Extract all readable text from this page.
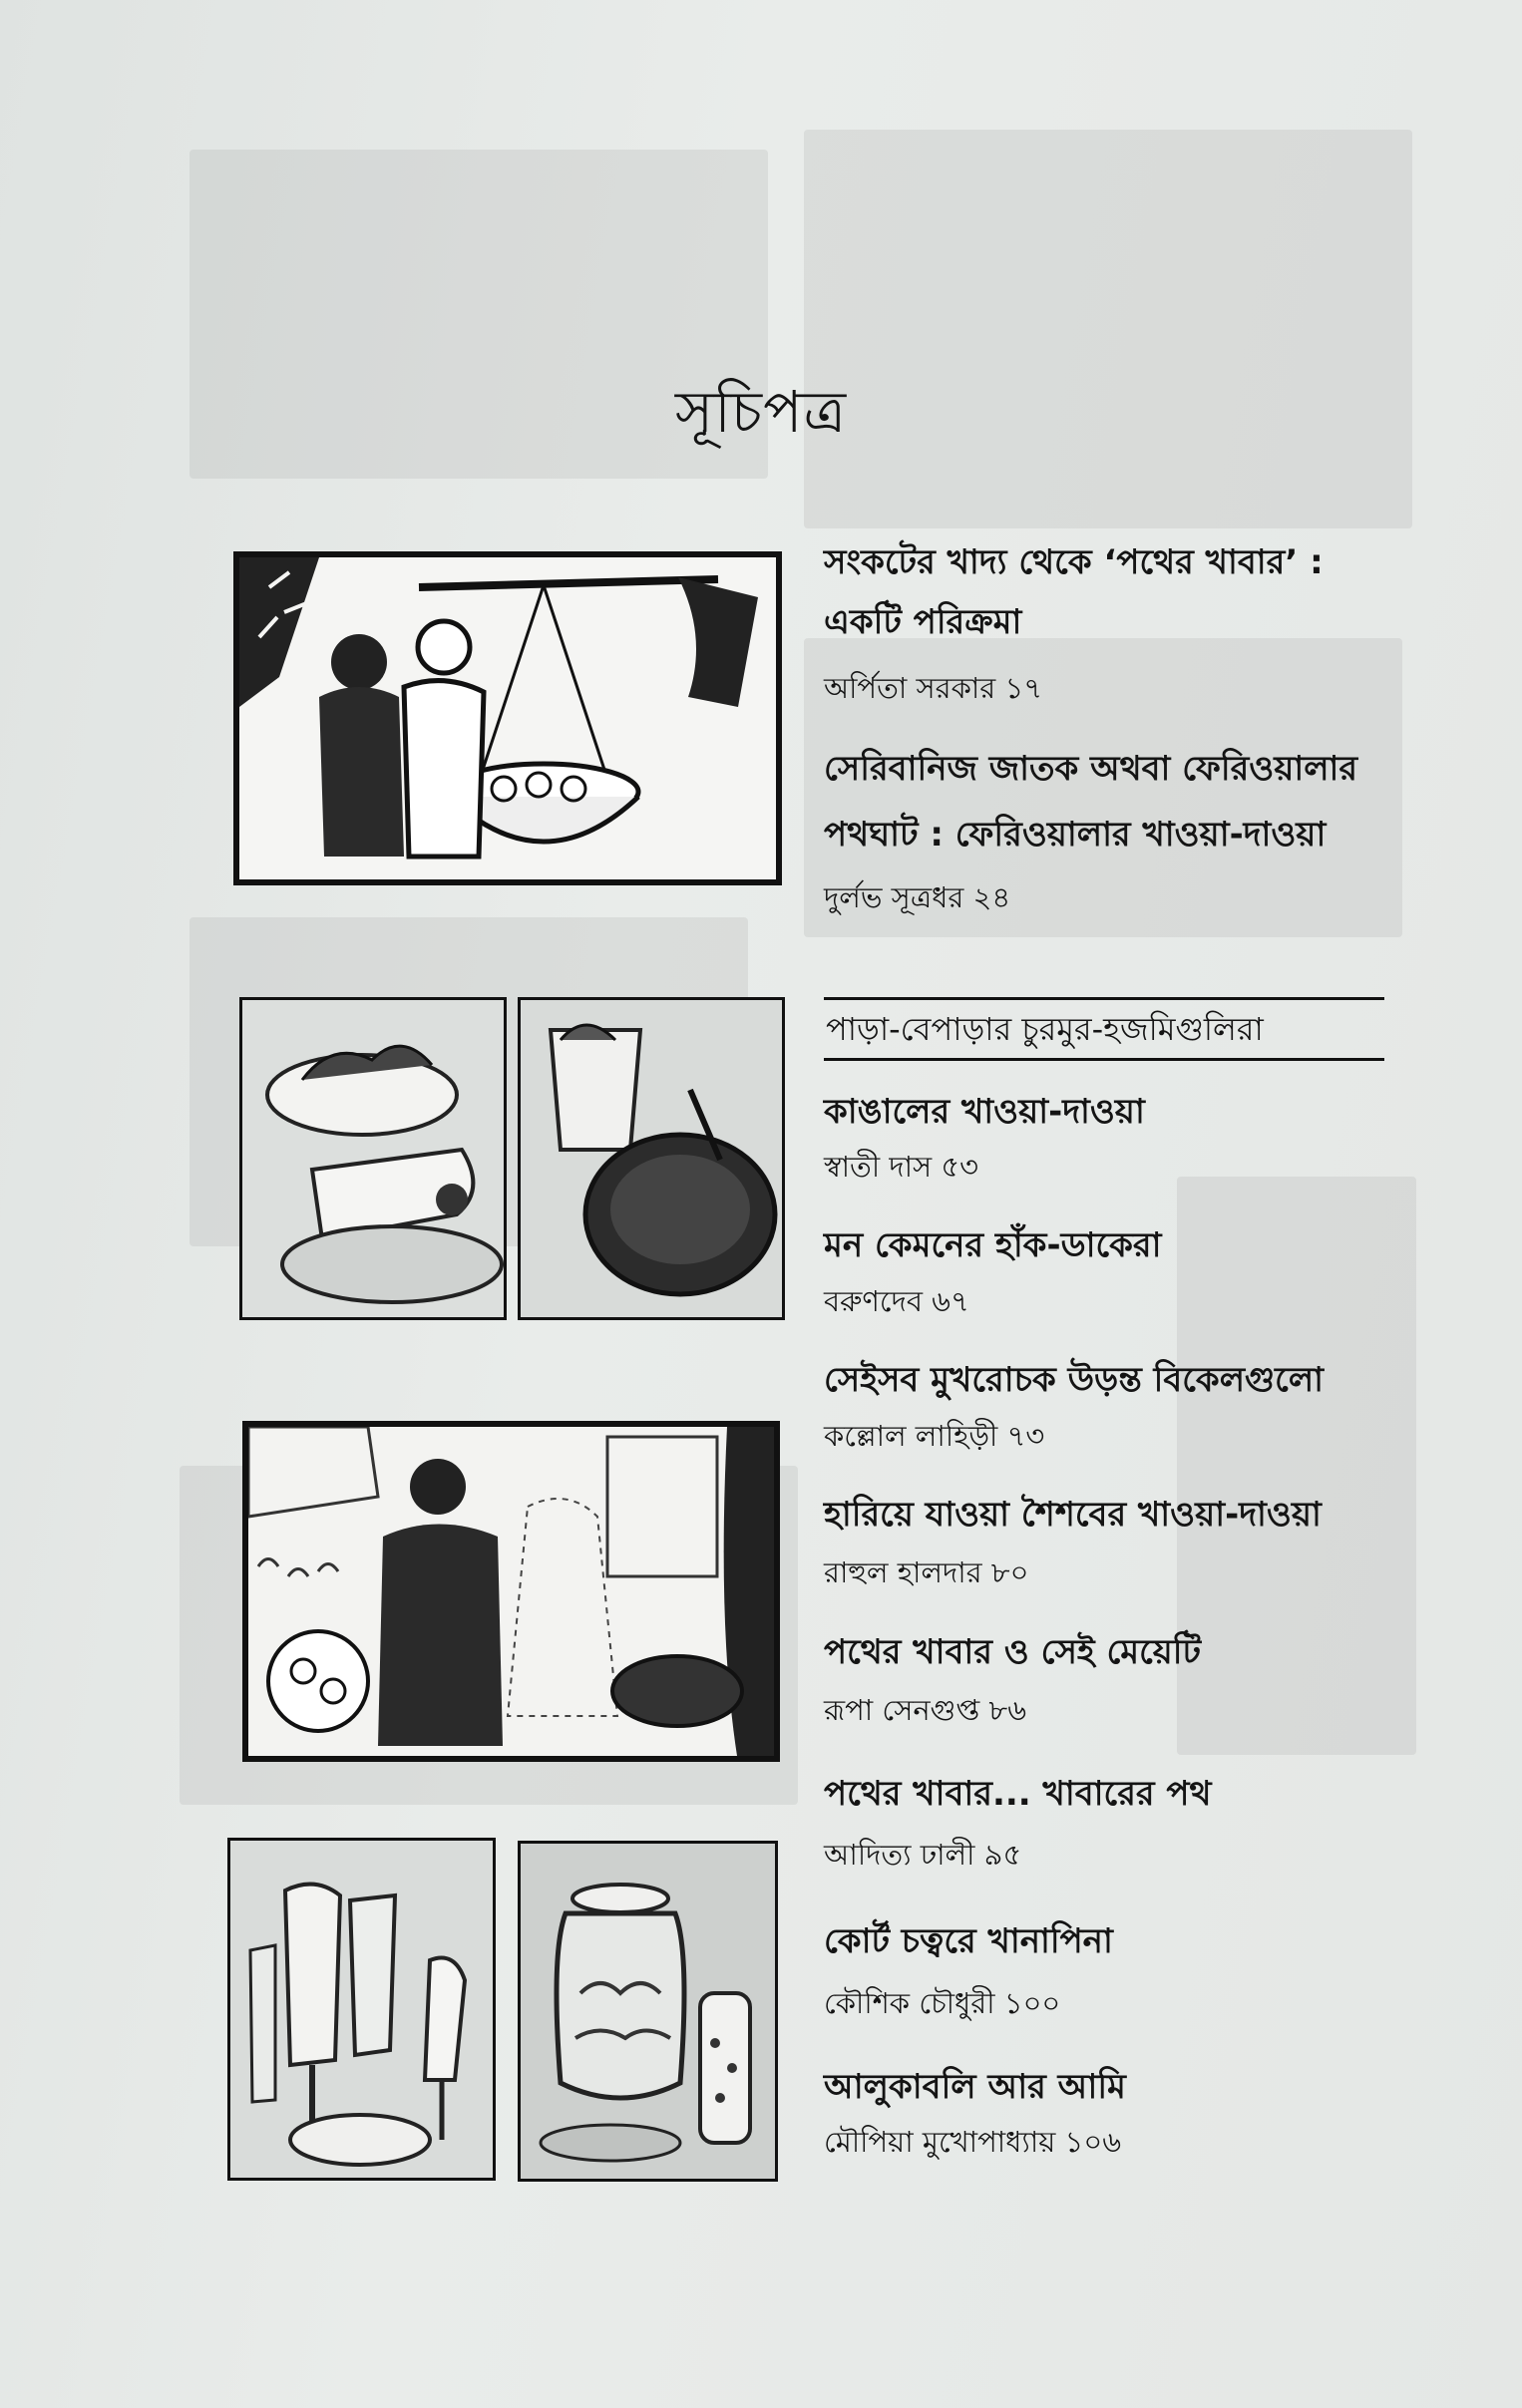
সূচিপত্র
সংকটের খাদ্য থেকে ‘পথের খাবার’ :
একটি পরিক্রমা
অর্পিতা সরকার ১৭
সেরিবানিজ জাতক অথবা ফেরিওয়ালার
পথঘাট : ফেরিওয়ালার খাওয়া-দাওয়া
দুর্লভ সূত্রধর ২৪
পাড়া-বেপাড়ার চুরমুর-হজমিগুলিরা
কাঙালের খাওয়া-দাওয়া
স্বাতী দাস ৫৩
মন কেমনের হাঁক-ডাকেরা
বরুণদেব ৬৭
সেইসব মুখরোচক উড়ন্ত বিকেলগুলো
কল্লোল লাহিড়ী ৭৩
হারিয়ে যাওয়া শৈশবের খাওয়া-দাওয়া
রাহুল হালদার ৮০
পথের খাবার ও সেই মেয়েটি
রূপা সেনগুপ্ত ৮৬
পথের খাবার... খাবারের পথ
আদিত্য ঢালী ৯৫
কোর্ট চত্বরে খানাপিনা
কৌশিক চৌধুরী ১০০
আলুকাবলি আর আমি
মৌপিয়া মুখোপাধ্যায় ১০৬
